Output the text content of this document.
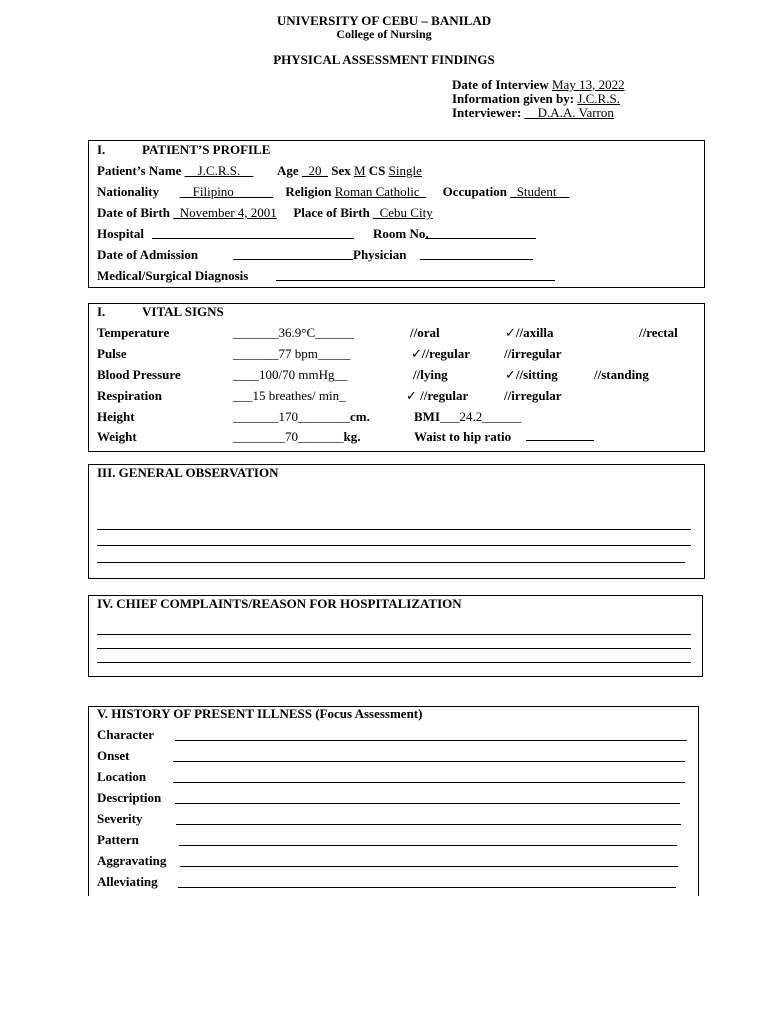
UNIVERSITY OF CEBU – BANILAD
College of Nursing
PHYSICAL ASSESSMENT FINDINGS
Date of Interview May 13, 2022
Information given by: J.C.R.S.
Interviewer: __D.A.A. Varron
I.	PATIENT’S PROFILE
Patient’s Name __J.C.R.S.__ Age _20_ Sex M CS Single
Nationality __Filipino______ Religion Roman Catholic_ Occupation _Student__
Date of Birth _November 4, 2001 Place of Birth _Cebu City
Hospital	Room No.
Date of Admission	Physician
Medical/Surgical Diagnosis
I.	VITAL SIGNS
Temperature	_______36.9°C______	//oral	✓//axilla	//rectal
Pulse	_______77 bpm_____	✓//regular	//irregular
Blood Pressure	____100/70 mmHg__	//lying	✓//sitting	//standing
Respiration	___15 breathes/ min_	✓ //regular	//irregular
Height	_______170________cm.	BMI___24.2______
Weight	________70_______kg.	Waist to hip ratio
III. GENERAL OBSERVATION
IV. CHIEF COMPLAINTS/REASON FOR HOSPITALIZATION
V. HISTORY OF PRESENT ILLNESS (Focus Assessment)
Character
Onset
Location
Description
Severity
Pattern
Aggravating
Alleviating
